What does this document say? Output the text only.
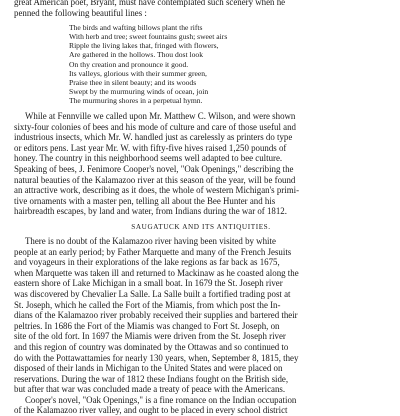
great American poet, Bryant, must have contemplated such scenery when he
penned the following beautiful lines :
The birds and wafting billows plant the rifts
With herb and tree; sweet fountains gush; sweet airs
Ripple the living lakes that, fringed with flowers,
Are gathered in the hollows. Thou dost look
On thy creation and pronounce it good.
Its valleys, glorious with their summer green,
Praise thee in silent beauty; and its woods
Swept by the murmuring winds of ocean, join
The murmuring shores in a perpetual hymn.
While at Fennville we called upon Mr. Matthew C. Wilson, and were shown
sixty-four colonies of bees and his mode of culture and care of those useful and
industrious insects, which Mr. W. handled just as carelessly as printers do type
or editors pens. Last year Mr. W. with fifty-five hives raised 1,250 pounds of
honey. The country in this neighborhood seems well adapted to bee culture.
Speaking of bees, J. Fenimore Cooper's novel, "Oak Openings," describing the
natural beauties of the Kalamazoo river at this season of the year, will be found
an attractive work, describing as it does, the whole of western Michigan's primi-
tive ornaments with a master pen, telling all about the Bee Hunter and his
hairbreadth escapes, by land and water, from Indians during the war of 1812.
SAUGATUCK AND ITS ANTIQUITIES.
There is no doubt of the Kalamazoo river having been visited by white
people at an early period; by Father Marquette and many of the French Jesuits
and voyageurs in their explorations of the lake regions as far back as 1675,
when Marquette was taken ill and returned to Mackinaw as he coasted along the
eastern shore of Lake Michigan in a small boat. In 1679 the St. Joseph river
was discovered by Chevalier La Salle. La Salle built a fortified trading post at
St. Joseph, which he called the Fort of the Miamis, from which post the In-
dians of the Kalamazoo river probably received their supplies and bartered their
peltries. In 1686 the Fort of the Miamis was changed to Fort St. Joseph, on
site of the old fort. In 1697 the Miamis were driven from the St. Joseph river
and this region of country was dominated by the Ottawas and so continued to
do with the Pottawattamies for nearly 130 years, when, September 8, 1815, they
disposed of their lands in Michigan to the United States and were placed on
reservations. During the war of 1812 these Indians fought on the British side,
but after that war was concluded made a treaty of peace with the Americans.
Cooper's novel, "Oak Openings," is a fine romance on the Indian occupation
of the Kalamazoo river valley, and ought to be placed in every school district
